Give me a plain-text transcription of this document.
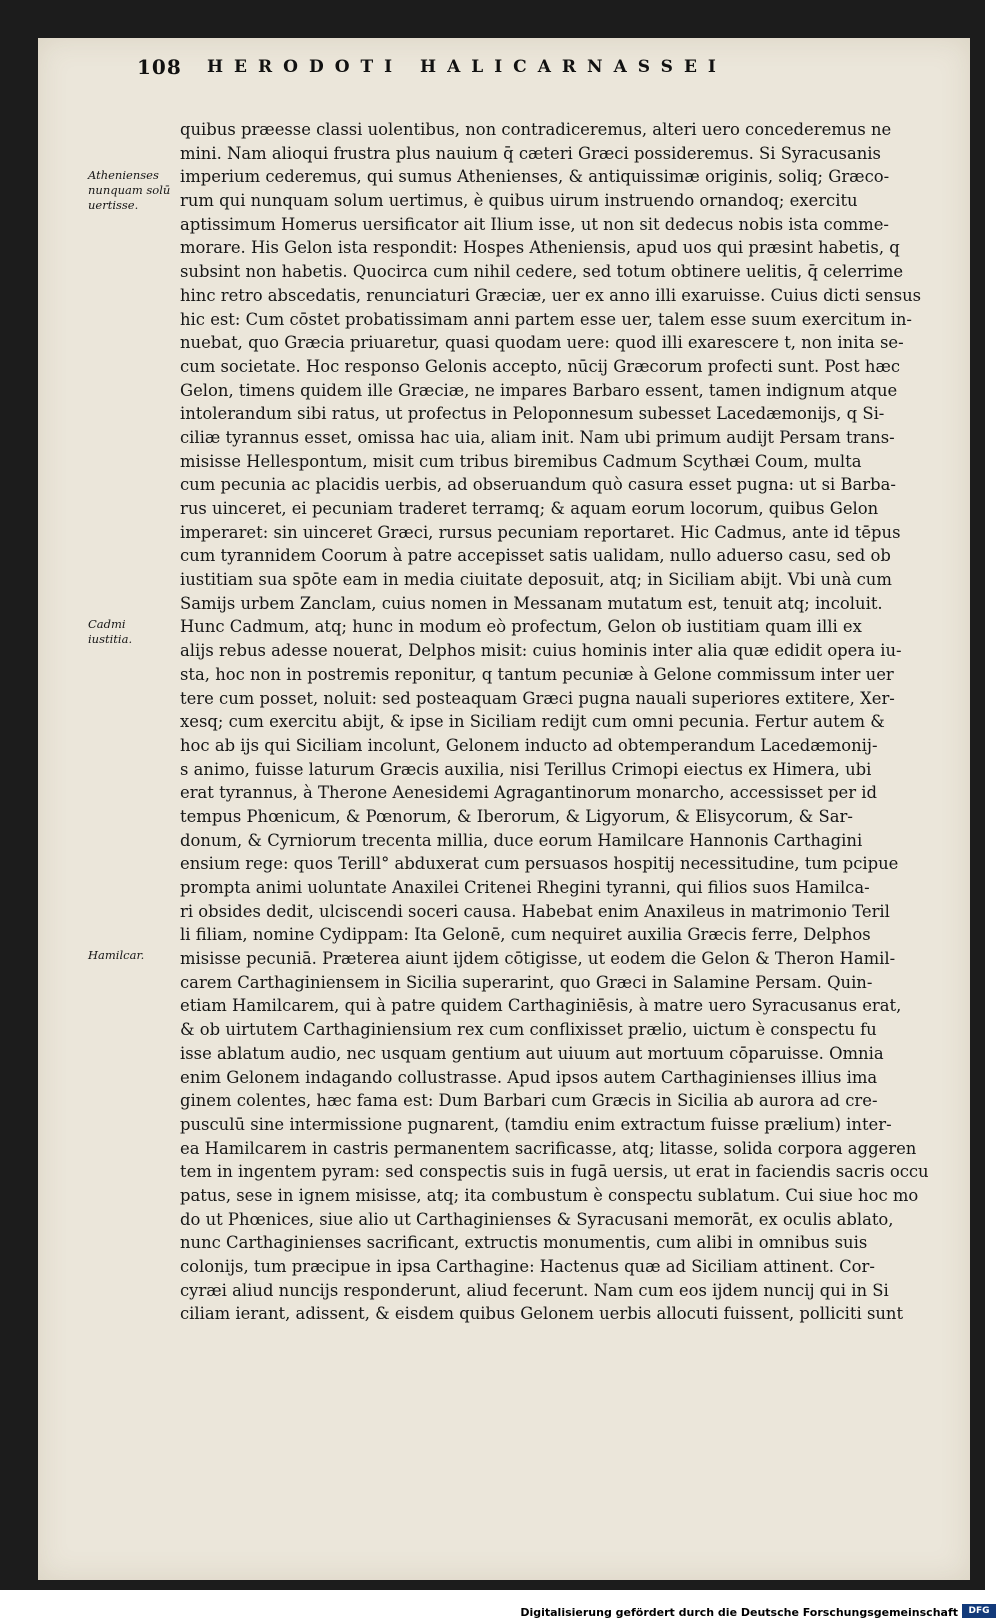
108	HERODOTI HALICARNASSEI
Athenienses nunquam solū uertisse.
Cadmi iustitia.
Hamilcar.
quibus præesse classi uolentibus, non contradiceremus, alteri uero concederemus ne
mini. Nam alioqui frustra plus nauium q̄ cæteri Græci possideremus. Si Syracusanis
imperium cederemus, qui sumus Athenienses, & antiquissimæ originis, soliq; Græco-
rum qui nunquam solum uertimus, è quibus uirum instruendo ornandoq; exercitu
aptissimum Homerus uersificator ait Ilium isse, ut non sit dedecus nobis ista comme-
morare. His Gelon ista respondit: Hospes Atheniensis, apud uos qui præsint habetis, q
subsint non habetis. Quocirca cum nihil cedere, sed totum obtinere uelitis, q̄ celerrime
hinc retro abscedatis, renunciaturi Græciæ, uer ex anno illi exaruisse. Cuius dicti sensus
hic est: Cum cōstet probatissimam anni partem esse uer, talem esse suum exercitum in-
nuebat, quo Græcia priuaretur, quasi quodam uere: quod illi exarescere t, non inita se-
cum societate. Hoc responso Gelonis accepto, nūcij Græcorum profecti sunt. Post hæc
Gelon, timens quidem ille Græciæ, ne impares Barbaro essent, tamen indignum atque
intolerandum sibi ratus, ut profectus in Peloponnesum subesset Lacedæmonijs, q Si-
ciliæ tyrannus esset, omissa hac uia, aliam init. Nam ubi primum audijt Persam trans-
misisse Hellespontum, misit cum tribus biremibus Cadmum Scythæi Coum, multa
cum pecunia ac placidis uerbis, ad obseruandum quò casura esset pugna: ut si Barba-
rus uinceret, ei pecuniam traderet terramq; & aquam eorum locorum, quibus Gelon
imperaret: sin uinceret Græci, rursus pecuniam reportaret. Hic Cadmus, ante id tēpus
cum tyrannidem Coorum à patre accepisset satis ualidam, nullo aduerso casu, sed ob
iustitiam sua spōte eam in media ciuitate deposuit, atq; in Siciliam abijt. Vbi unà cum
Samijs urbem Zanclam, cuius nomen in Messanam mutatum est, tenuit atq; incoluit.
Hunc Cadmum, atq; hunc in modum eò profectum, Gelon ob iustitiam quam illi ex
alijs rebus adesse nouerat, Delphos misit: cuius hominis inter alia quæ edidit opera iu-
sta, hoc non in postremis reponitur, q tantum pecuniæ à Gelone commissum inter uer
tere cum posset, noluit: sed posteaquam Græci pugna nauali superiores extitere, Xer-
xesq; cum exercitu abijt, & ipse in Siciliam redijt cum omni pecunia. Fertur autem &
hoc ab ijs qui Siciliam incolunt, Gelonem inducto ad obtemperandum Lacedæmonij-
s animo, fuisse laturum Græcis auxilia, nisi Terillus Crimopi eiectus ex Himera, ubi
erat tyrannus, à Therone Aenesidemi Agragantinorum monarcho, accessisset per id
tempus Phœnicum, & Pœnorum, & Iberorum, & Ligyorum, & Elisycorum, & Sar-
donum, & Cyrniorum trecenta millia, duce eorum Hamilcare Hannonis Carthagini
ensium rege: quos Terill° abduxerat cum persuasos hospitij necessitudine, tum pcipue
prompta animi uoluntate Anaxilei Critenei Rhegini tyranni, qui filios suos Hamilca-
ri obsides dedit, ulciscendi soceri causa. Habebat enim Anaxileus in matrimonio Teril
li filiam, nomine Cydippam: Ita Gelonē, cum nequiret auxilia Græcis ferre, Delphos
misisse pecuniā. Præterea aiunt ijdem cōtigisse, ut eodem die Gelon & Theron Hamil-
carem Carthaginiensem in Sicilia superarint, quo Græci in Salamine Persam. Quin-
etiam Hamilcarem, qui à patre quidem Carthaginiēsis, à matre uero Syracusanus erat,
& ob uirtutem Carthaginiensium rex cum conflixisset prælio, uictum è conspectu fu
isse ablatum audio, nec usquam gentium aut uiuum aut mortuum cōparuisse. Omnia
enim Gelonem indagando collustrasse. Apud ipsos autem Carthaginienses illius ima
ginem colentes, hæc fama est: Dum Barbari cum Græcis in Sicilia ab aurora ad cre-
pusculū sine intermissione pugnarent, (tamdiu enim extractum fuisse prælium) inter-
ea Hamilcarem in castris permanentem sacrificasse, atq; litasse, solida corpora aggeren
tem in ingentem pyram: sed conspectis suis in fugā uersis, ut erat in faciendis sacris occu
patus, sese in ignem misisse, atq; ita combustum è conspectu sublatum. Cui siue hoc mo
do ut Phœnices, siue alio ut Carthaginienses & Syracusani memorāt, ex oculis ablato,
nunc Carthaginienses sacrificant, extructis monumentis, cum alibi in omnibus suis
colonijs, tum præcipue in ipsa Carthagine: Hactenus quæ ad Siciliam attinent. Cor-
cyræi aliud nuncijs responderunt, aliud fecerunt. Nam cum eos ijdem nuncij qui in Si
ciliam ierant, adissent, & eisdem quibus Gelonem uerbis allocuti fuissent, polliciti sunt
Digitalisierung gefördert durch die Deutsche Forschungsgemeinschaft	DFG
